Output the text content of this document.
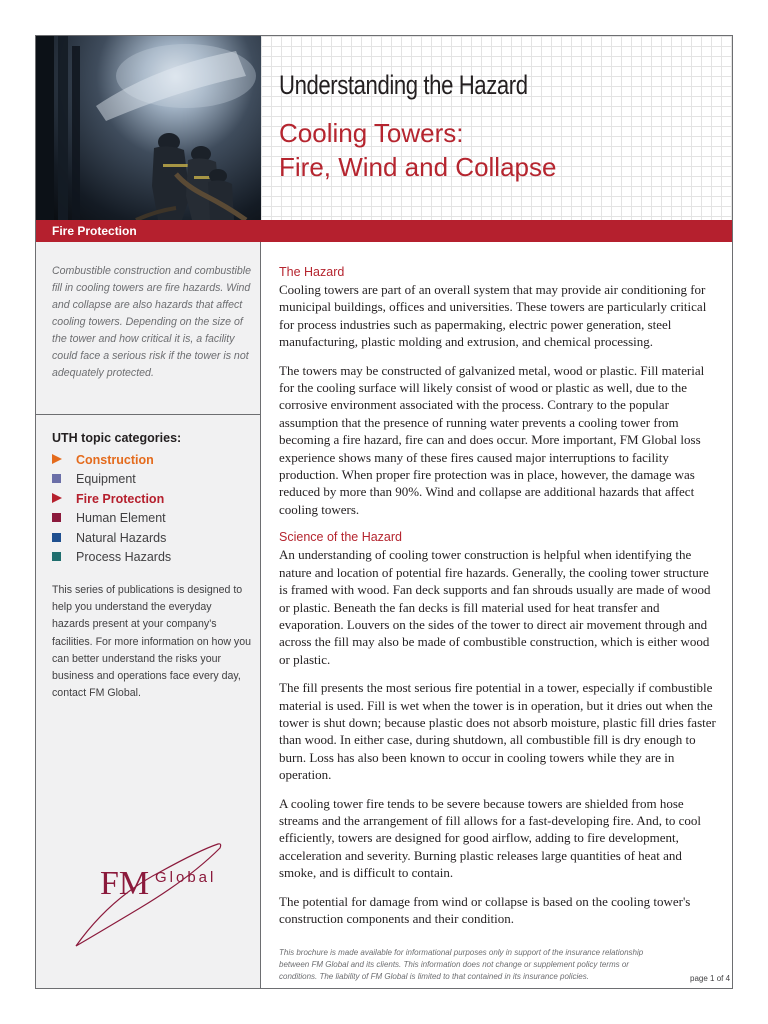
Understanding the Hazard
Cooling Towers:
Fire, Wind and Collapse
Fire Protection
Combustible construction and combustible fill in cooling towers are fire hazards. Wind and collapse are also hazards that affect cooling towers. Depending on the size of the tower and how critical it is, a facility could face a serious risk if the tower is not adequately protected.
UTH topic categories:
Construction
Equipment
Fire Protection
Human Element
Natural Hazards
Process Hazards
This series of publications is designed to help you understand the everyday hazards present at your company's facilities. For more information on how you can better understand the risks your business and operations face every day, contact FM Global.
FM Global
The Hazard

Cooling towers are part of an overall system that may provide air conditioning for municipal buildings, offices and universities. These towers are particularly critical for process industries such as papermaking, electric power generation, steel manufacturing, plastic molding and extrusion, and chemical processing.

The towers may be constructed of galvanized metal, wood or plastic. Fill material for the cooling surface will likely consist of wood or plastic as well, due to the corrosive environment associated with the process. Contrary to the popular assumption that the presence of running water prevents a cooling tower from becoming a fire hazard, fire can and does occur. More important, FM Global loss experience shows many of these fires caused major interruptions to facility production. When proper fire protection was in place, however, the damage was reduced by more than 90%. Wind and collapse are additional hazards that affect cooling towers.

Science of the Hazard

An understanding of cooling tower construction is helpful when identifying the nature and location of potential fire hazards. Generally, the cooling tower structure is framed with wood. Fan deck supports and fan shrouds usually are made of wood or plastic. Beneath the fan decks is fill material used for heat transfer and evaporation. Louvers on the sides of the tower to direct air movement through and across the fill may also be made of combustible construction, which is either wood or plastic.

The fill presents the most serious fire potential in a tower, especially if combustible material is used. Fill is wet when the tower is in operation, but it dries out when the tower is shut down; because plastic does not absorb moisture, plastic fill dries faster than wood. In either case, during shutdown, all combustible fill is dry enough to burn. Loss has also been known to occur in cooling towers while they are in operation.

A cooling tower fire tends to be severe because towers are shielded from hose streams and the arrangement of fill allows for a fast-developing fire. And, to cool efficiently, towers are designed for good airflow, adding to fire development, acceleration and severity. Burning plastic releases large quantities of heat and smoke, and is difficult to contain.

The potential for damage from wind or collapse is based on the cooling tower's construction components and their condition.

This brochure is made available for informational purposes only in support of the insurance relationship between FM Global and its clients. This information does not change or supplement policy terms or conditions. The liability of FM Global is limited to that contained in its insurance policies.	page 1 of 4
